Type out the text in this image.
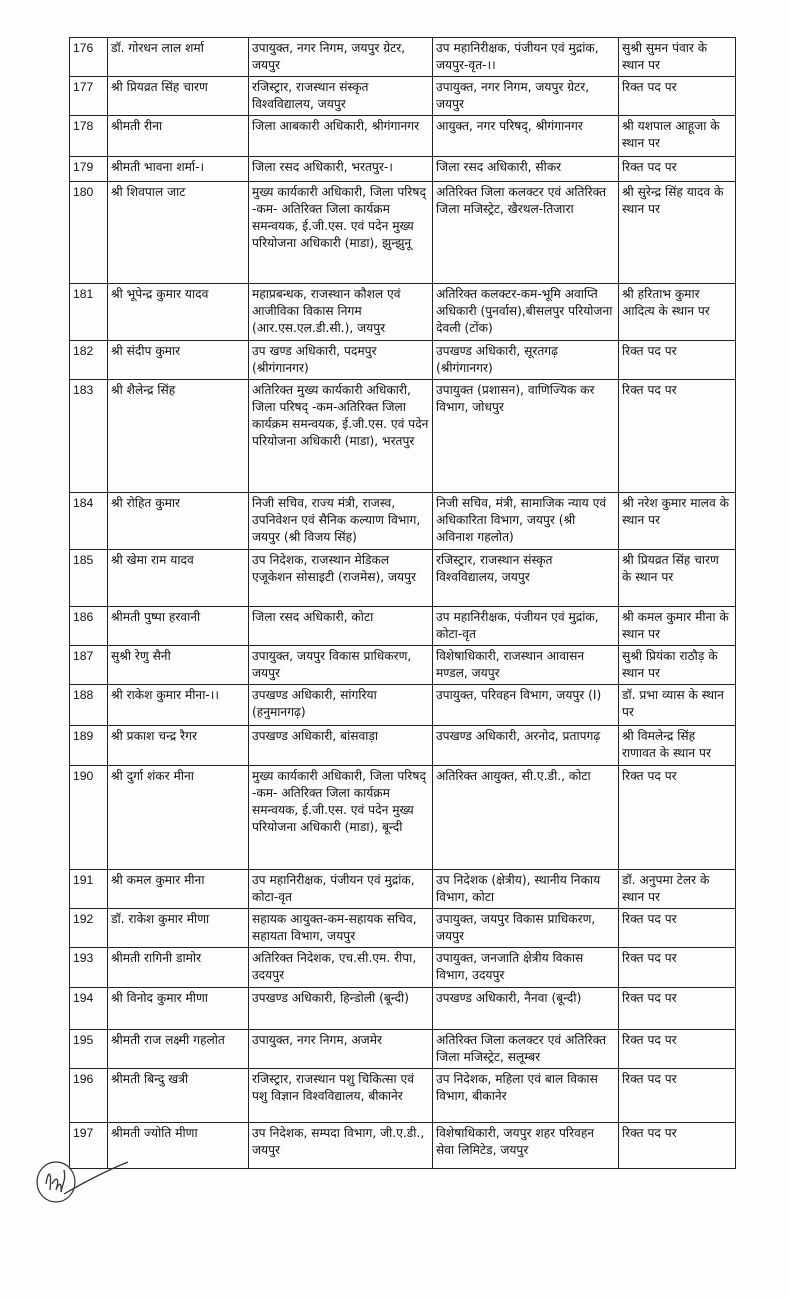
176	डॉ. गोरधन लाल शर्मा	उपायुक्त, नगर निगम, जयपुर ग्रेटर, जयपुर	उप महानिरीक्षक, पंजीयन एवं मुद्रांक, जयपुर-वृत-।।	सुश्री सुमन पंवार के स्थान पर
177	श्री प्रियव्रत सिंह चारण	रजिस्ट्रार, राजस्थान संस्कृत विश्वविद्यालय, जयपुर	उपायुक्त, नगर निगम, जयपुर ग्रेटर, जयपुर	रिक्त पद पर
178	श्रीमती रीना	जिला आबकारी अधिकारी, श्रीगंगानगर	आयुक्त, नगर परिषद्, श्रीगंगानगर	श्री यशपाल आहूजा के स्थान पर
179	श्रीमती भावना शर्मा-।	जिला रसद अधिकारी, भरतपुर-।	जिला रसद अधिकारी, सीकर	रिक्त पद पर
180	श्री शिवपाल जाट	मुख्य कार्यकारी अधिकारी, जिला परिषद् -कम- अतिरिक्त जिला कार्यक्रम समन्वयक, ई.जी.एस. एवं पदेन मुख्य परियोजना अधिकारी (माडा), झुन्झुनू	अतिरिक्त जिला कलक्टर एवं अतिरिक्त जिला मजिस्ट्रेट, खैरथल-तिजारा	श्री सुरेन्द्र सिंह यादव के स्थान पर
181	श्री भूपेन्द्र कुमार यादव	महाप्रबन्धक, राजस्थान कौशल एवं आजीविका विकास निगम (आर.एस.एल.डी.सी.), जयपुर	अतिरिक्त कलक्टर-कम-भूमि अवाप्ति अधिकारी (पुनर्वास),बीसलपुर परियोजना देवली (टोंक)	श्री हरिताभ कुमार आदित्य के स्थान पर
182	श्री संदीप कुमार	उप खण्ड अधिकारी, पदमपुर (श्रीगंगानगर)	उपखण्ड अधिकारी, सूरतगढ़ (श्रीगंगानगर)	रिक्त पद पर
183	श्री शैलेन्द्र सिंह	अतिरिक्त मुख्य कार्यकारी अधिकारी, जिला परिषद् -कम-अतिरिक्त जिला कार्यक्रम समन्वयक, ई.जी.एस. एवं पदेन परियोजना अधिकारी (माडा), भरतपुर	उपायुक्त (प्रशासन), वाणिज्यिक कर विभाग, जोधपुर	रिक्त पद पर
184	श्री रोहित कुमार	निजी सचिव, राज्य मंत्री, राजस्व, उपनिवेशन एवं सैनिक कल्याण विभाग, जयपुर (श्री विजय सिंह)	निजी सचिव, मंत्री, सामाजिक न्याय एवं अधिकारिता विभाग, जयपुर (श्री अविनाश गहलोत)	श्री नरेश कुमार मालव के स्थान पर
185	श्री खेमा राम यादव	उप निदेशक, राजस्थान मेडिकल एजूकेशन सोसाइटी (राजमेस), जयपुर	रजिस्ट्रार, राजस्थान संस्कृत विश्वविद्यालय, जयपुर	श्री प्रियव्रत सिंह चारण के स्थान पर
186	श्रीमती पुष्पा हरवानी	जिला रसद अधिकारी, कोटा	उप महानिरीक्षक, पंजीयन एवं मुद्रांक, कोटा-वृत	श्री कमल कुमार मीना के स्थान पर
187	सुश्री रेणु सैनी	उपायुक्त, जयपुर विकास प्राधिकरण, जयपुर	विशेषाधिकारी, राजस्थान आवासन मण्डल, जयपुर	सुश्री प्रियंका राठौड़ के स्थान पर
188	श्री राकेश कुमार मीना-।।	उपखण्ड अधिकारी, सांगरिया (हनुमानगढ़)	उपायुक्त, परिवहन विभाग, जयपुर (I)	डॉ. प्रभा व्यास के स्थान पर
189	श्री प्रकाश चन्द्र रैगर	उपखण्ड अधिकारी, बांसवाड़ा	उपखण्ड अधिकारी, अरनोद, प्रतापगढ़	श्री विमलेन्द्र सिंह राणावत के स्थान पर
190	श्री दुर्गा शंकर मीना	मुख्य कार्यकारी अधिकारी, जिला परिषद् -कम- अतिरिक्त जिला कार्यक्रम समन्वयक, ई.जी.एस. एवं पदेन मुख्य परियोजना अधिकारी (माडा), बून्दी	अतिरिक्त आयुक्त, सी.ए.डी., कोटा	रिक्त पद पर
191	श्री कमल कुमार मीना	उप महानिरीक्षक, पंजीयन एवं मुद्रांक, कोटा-वृत	उप निदेशक (क्षेत्रीय), स्थानीय निकाय विभाग, कोटा	डॉ. अनुपमा टेलर के स्थान पर
192	डॉ. राकेश कुमार मीणा	सहायक आयुक्त-कम-सहायक सचिव, सहायता विभाग, जयपुर	उपायुक्त, जयपुर विकास प्राधिकरण, जयपुर	रिक्त पद पर
193	श्रीमती रागिनी डामोर	अतिरिक्त निदेशक, एच.सी.एम. रीपा, उदयपुर	उपायुक्त, जनजाति क्षेत्रीय विकास विभाग, उदयपुर	रिक्त पद पर
194	श्री विनोद कुमार मीणा	उपखण्ड अधिकारी, हिन्डोली (बून्दी)	उपखण्ड अधिकारी, नैनवा (बून्दी)	रिक्त पद पर
195	श्रीमती राज लक्ष्मी गहलोत	उपायुक्त, नगर निगम, अजमेर	अतिरिक्त जिला कलक्टर एवं अतिरिक्त जिला मजिस्ट्रेट, सलूम्बर	रिक्त पद पर
196	श्रीमती बिन्दु खत्री	रजिस्ट्रार, राजस्थान पशु चिकित्सा एवं पशु विज्ञान विश्वविद्यालय, बीकानेर	उप निदेशक, महिला एवं बाल विकास विभाग, बीकानेर	रिक्त पद पर
197	श्रीमती ज्योति मीणा	उप निदेशक, सम्पदा विभाग, जी.ए.डी., जयपुर	विशेषाधिकारी, जयपुर शहर परिवहन सेवा लिमिटेड, जयपुर	रिक्त पद पर
